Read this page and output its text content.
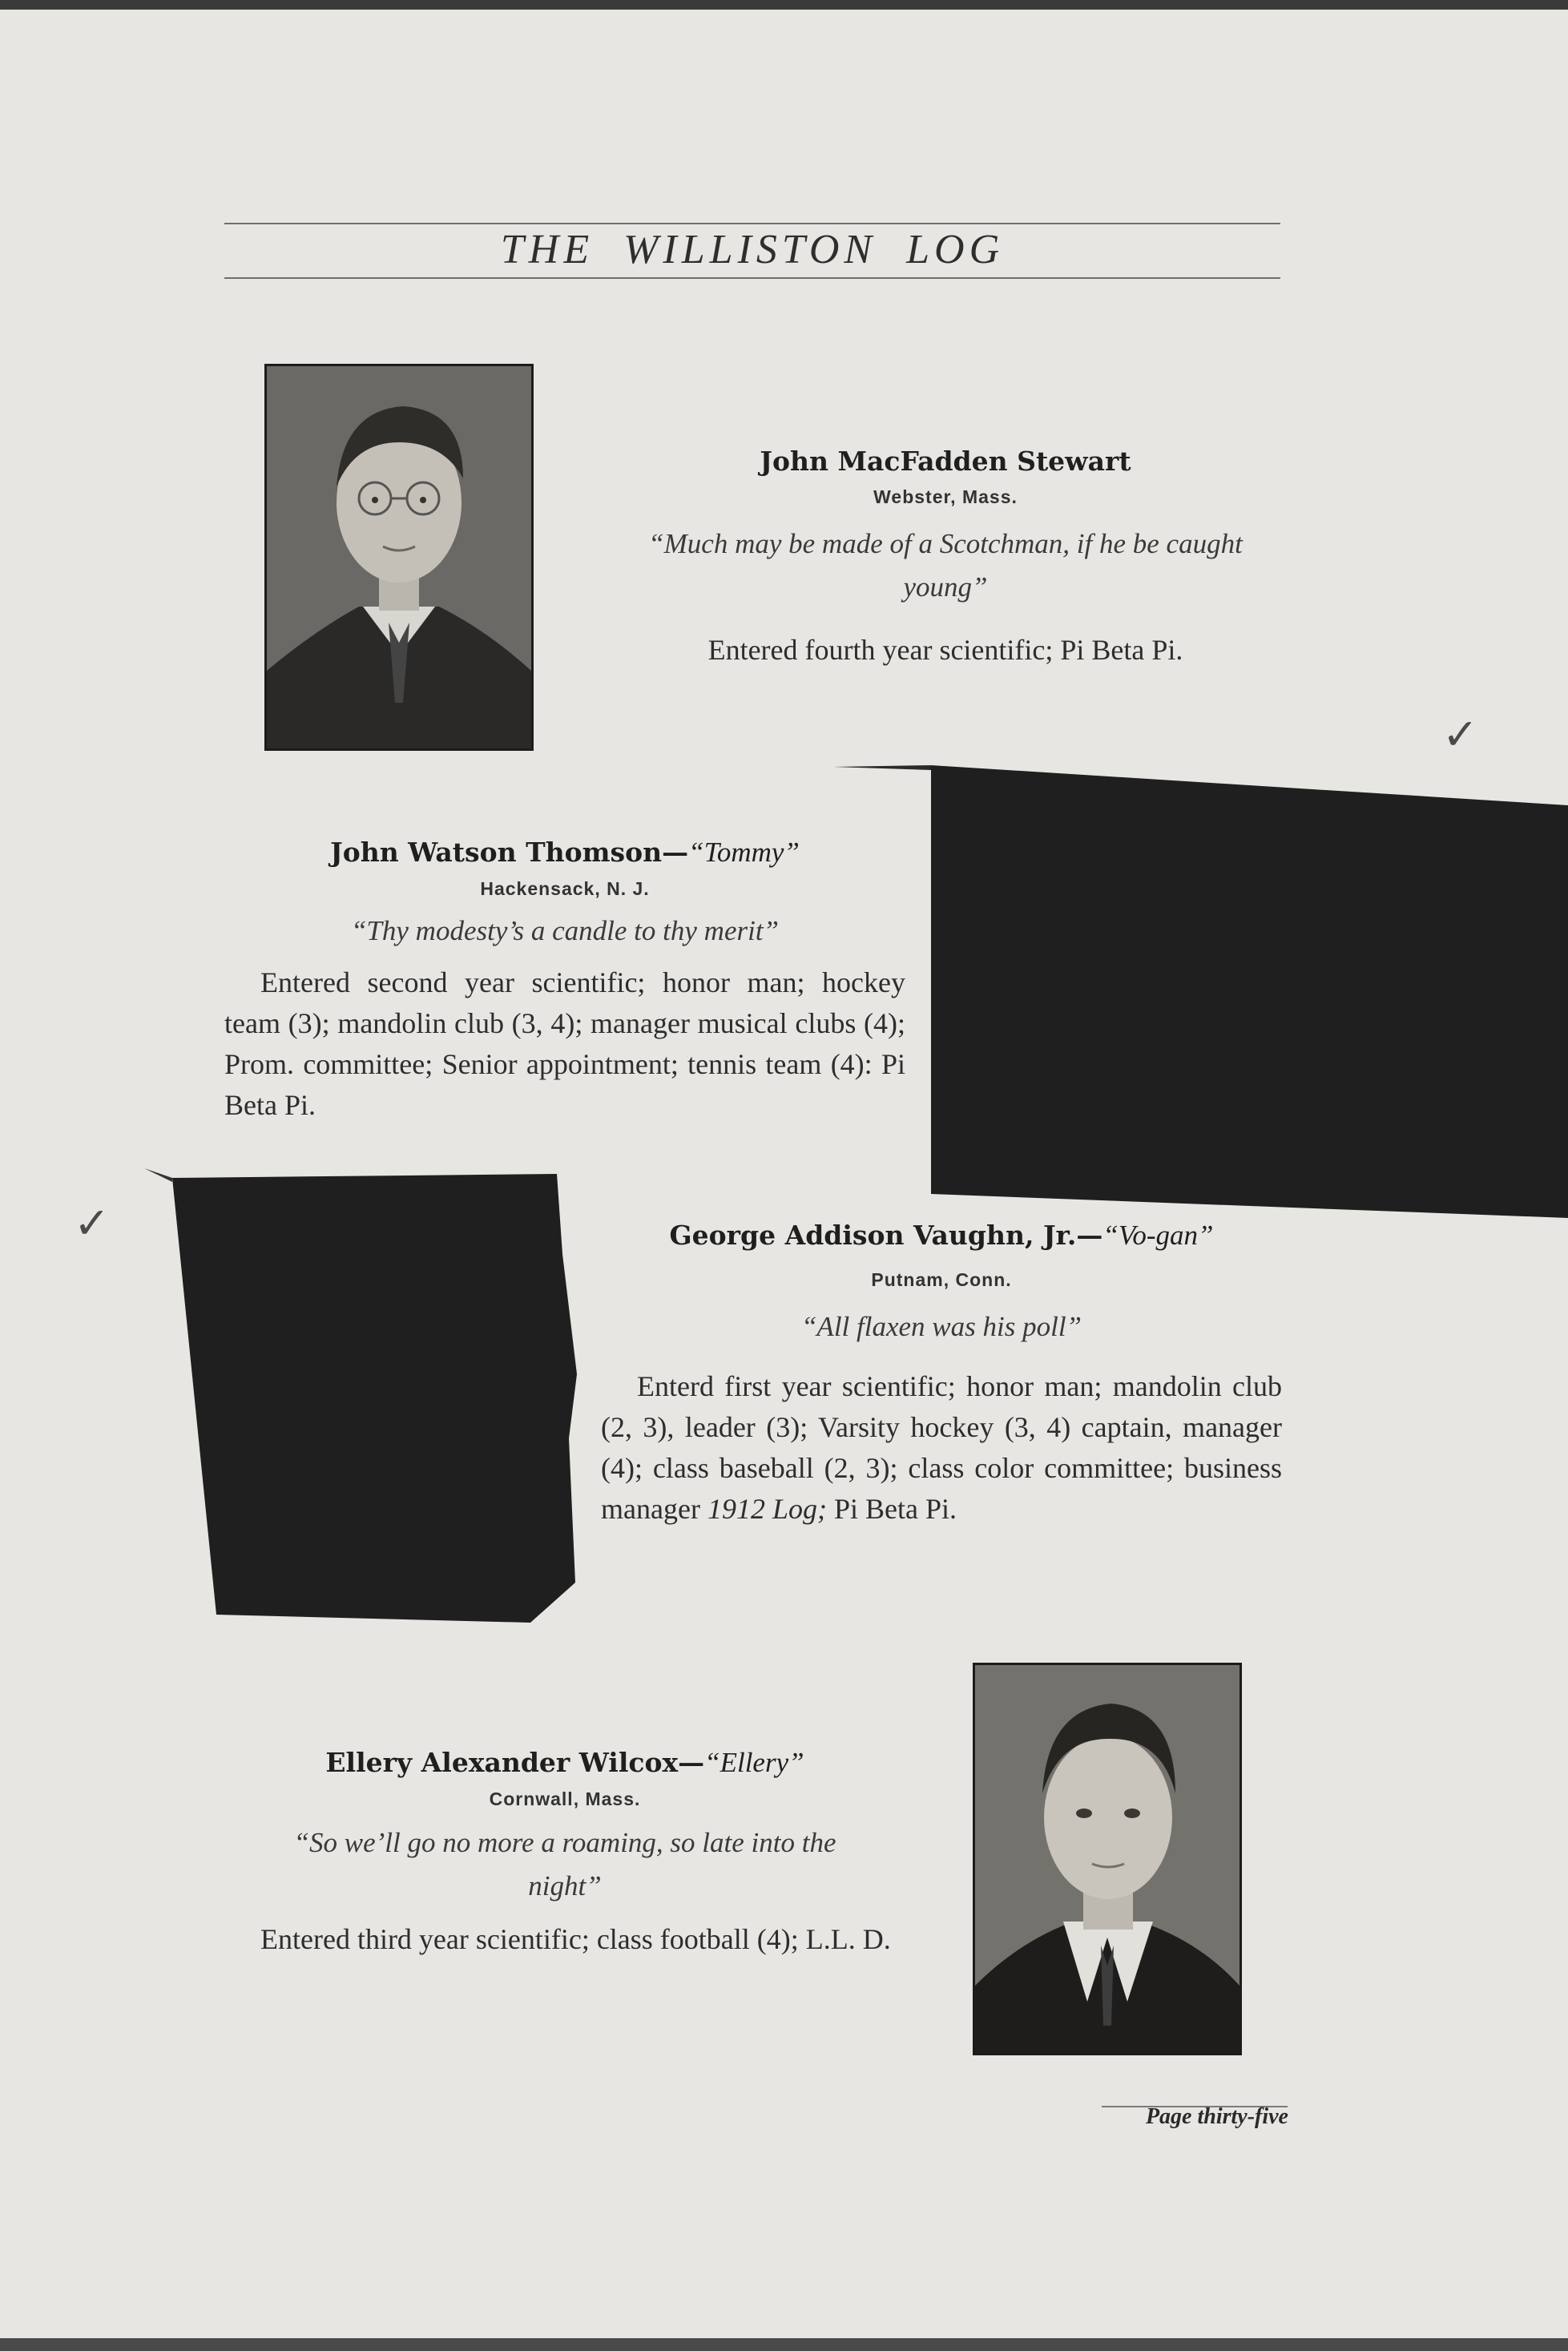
THE WILLISTON LOG
John MacFadden Stewart
Webster, Mass.
“Much may be made of a Scotchman, if he be caught young”
Entered fourth year scientific; Pi Beta Pi.
✓
John Watson Thomson—“Tommy”
Hackensack, N. J.
“Thy modesty’s a candle to thy merit”
Entered second year scientific; honor man; hockey team (3); mandolin club (3, 4); manager musical clubs (4); Prom. committee; Senior appointment; tennis team (4): Pi Beta Pi.
✓	George Addison Vaughn, Jr.—“Vo-gan”
Putnam, Conn.
“All flaxen was his poll”
Enterd first year scientific; honor man; mandolin club (2, 3), leader (3); Varsity hockey (3, 4) captain, manager (4); class baseball (2, 3); class color committee; business manager 1912 Log; Pi Beta Pi.
Ellery Alexander Wilcox—“Ellery”
Cornwall, Mass.
“So we’ll go no more a roaming, so late into the night”
Entered third year scientific; class football (4); L.L. D.
Page thirty-five
